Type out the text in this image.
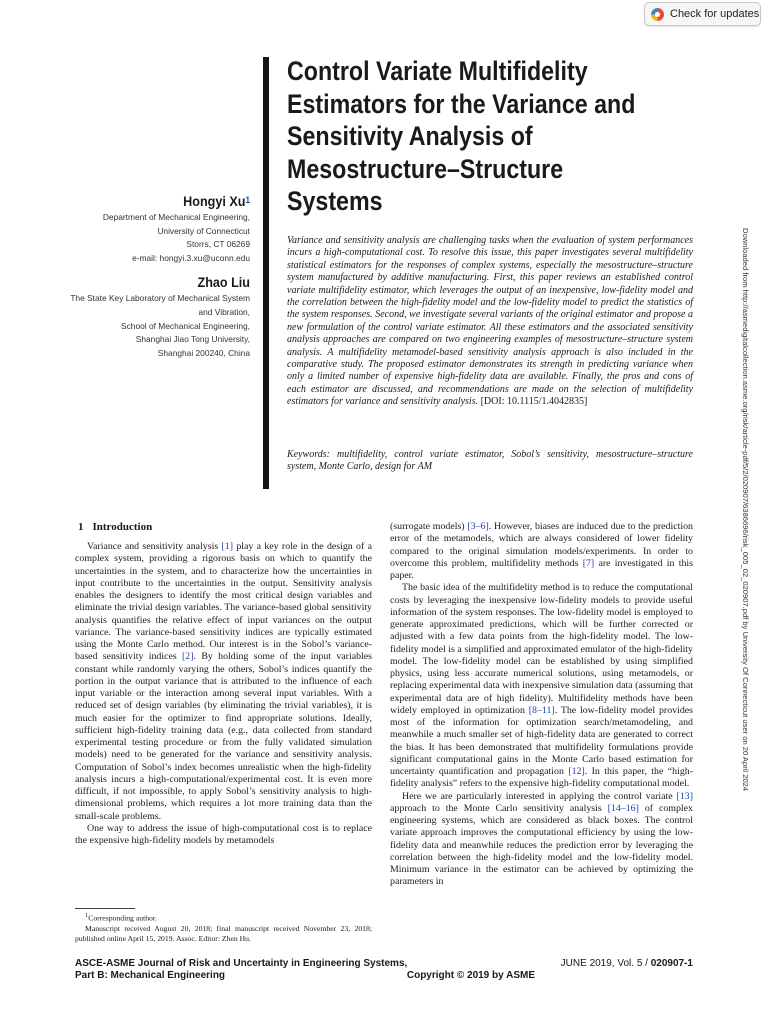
Check for updates
Downloaded from http://asmedigitalcollection.asme.org/risk/article-pdf/5/2/020907/6386696/risk_005_02_020907.pdf by University Of Connecticut user on 20 April 2024
Control Variate Multifidelity Estimators for the Variance and Sensitivity Analysis of Mesostructure–Structure Systems
Hongyi Xu$^1$
Department of Mechanical Engineering,
University of Connecticut
Storrs, CT 06269
e-mail: hongyi.3.xu@uconn.edu
Zhao Liu
The State Key Laboratory of Mechanical System
and Vibration,
School of Mechanical Engineering,
Shanghai Jiao Tong University,
Shanghai 200240, China
Variance and sensitivity analysis are challenging tasks when the evaluation of system performances incurs a high-computational cost. To resolve this issue, this paper investigates several multifidelity statistical estimators for the responses of complex systems, especially the mesostructure–structure system manufactured by additive manufacturing. First, this paper reviews an established control variate multifidelity estimator, which leverages the output of an inexpensive, low-fidelity model and the correlation between the high-fidelity model and the low-fidelity model to predict the statistics of the system responses. Second, we investigate several variants of the original estimator and propose a new formulation of the control variate estimator. All these estimators and the associated sensitivity analysis approaches are compared on two engineering examples of mesostructure–structure system analysis. A multifidelity metamodel-based sensitivity analysis approach is also included in the comparative study. The proposed estimator demonstrates its strength in predicting variance when only a limited number of expensive high-fidelity data are available. Finally, the pros and cons of each estimator are discussed, and recommendations are made on the selection of multifidelity estimators for variance and sensitivity analysis. [DOI: 10.1115/1.4042835]
Keywords: multifidelity, control variate estimator, Sobol’s sensitivity, mesostructure–structure system, Monte Carlo, design for AM
1 Introduction

Variance and sensitivity analysis [1] play a key role in the design of a complex system, providing a rigorous basis on which to quantify the uncertainties in the system, and to characterize how the uncertainties in input contribute to the uncertainties in the output. Sensitivity analysis enables the designers to identify the most critical design variables and eliminate the trivial design variables. The variance-based global sensitivity analysis quantifies the relative effect of input variances on the output variance. The variance-based sensitivity indices are typically estimated using the Monte Carlo method. Our interest is in the Sobol’s variance-based sensitivity indices [2]. By holding some of the input variables constant while randomly varying the others, Sobol’s indices quantify the portion in the output variance that is attributed to the influence of each input variable or the interaction among several input variables. With a reduced set of design variables (by eliminating the trivial variables), it is much easier for the optimizer to find appropriate solutions. Ideally, sufficient high-fidelity training data (e.g., data collected from standard experimental testing procedure or from the fully validated simulation models) need to be generated for the variance and sensitivity analysis. Computation of Sobol’s index becomes unrealistic when the high-fidelity analysis incurs a high-computational/experimental cost. It is even more difficult, if not impossible, to apply Sobol’s sensitivity analysis to high-dimensional problems, which requires a lot more training data than the small-scale problems.

One way to address the issue of high-computational cost is to replace the expensive high-fidelity models by metamodels

(surrogate models) [3–6]. However, biases are induced due to the prediction error of the metamodels, which are always considered of lower fidelity compared to the original simulation models/experiments. In order to overcome this problem, multifidelity methods [7] are investigated in this paper.

The basic idea of the multifidelity method is to reduce the computational costs by leveraging the inexpensive low-fidelity models to provide useful information of the system responses. The low-fidelity model is employed to generate approximated predictions, which will be further corrected or adjusted with a few data points from the high-fidelity model. The low-fidelity model is a simplified and approximated emulator of the high-fidelity model. The low-fidelity model can be established by using simplified physics, using less accurate numerical solutions, using metamodels, or replacing experimental data with inexpensive simulation data (assuming that experimental data are of high fidelity). Multifidelity methods have been widely employed in optimization [8–11]. The low-fidelity model provides most of the information for optimization search/metamodeling, and meanwhile a much smaller set of high-fidelity data are generated to correct the bias. It has been demonstrated that multifidelity formulations provide significant computational gains in the Monte Carlo based estimation for uncertainty quantification and propagation [12]. In this paper, the “high-fidelity analysis” refers to the expensive high-fidelity computational model.

Here we are particularly interested in applying the control variate [13] approach to the Monte Carlo sensitivity analysis [14–16] of complex engineering systems, which are considered as black boxes. The control variate approach improves the computational efficiency by using the low-fidelity data and meanwhile reduces the prediction error by leveraging the correlation between the high-fidelity model and the low-fidelity model. Minimum variance in the estimator can be achieved by optimizing the parameters in

$^1$Corresponding author.

Manuscript received August 20, 2018; final manuscript received November 23, 2018; published online April 15, 2019. Assoc. Editor: Zhen Hu.

ASCE-ASME Journal of Risk and Uncertainty in Engineering Systems,
Part B: Mechanical Engineering	Copyright © 2019 by ASME
JUNE 2019, Vol. 5 / 020907-1
